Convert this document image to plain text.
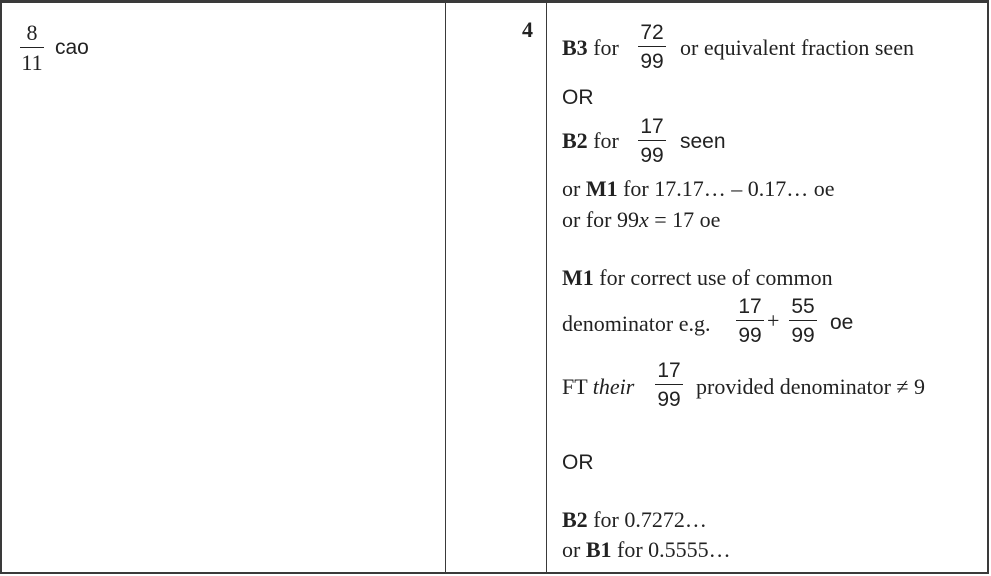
8
11
cao
4
B3 for
72
99
or equivalent fraction seen
OR
B2 for
17
99
seen
or M1 for 17.17… – 0.17… oe
or for 99x = 17 oe
M1 for correct use of common
denominator e.g.
17
99
+
55
99
oe
FT their
17
99
provided denominator ≠ 9
OR
B2 for 0.7272…
or B1 for 0.5555…
